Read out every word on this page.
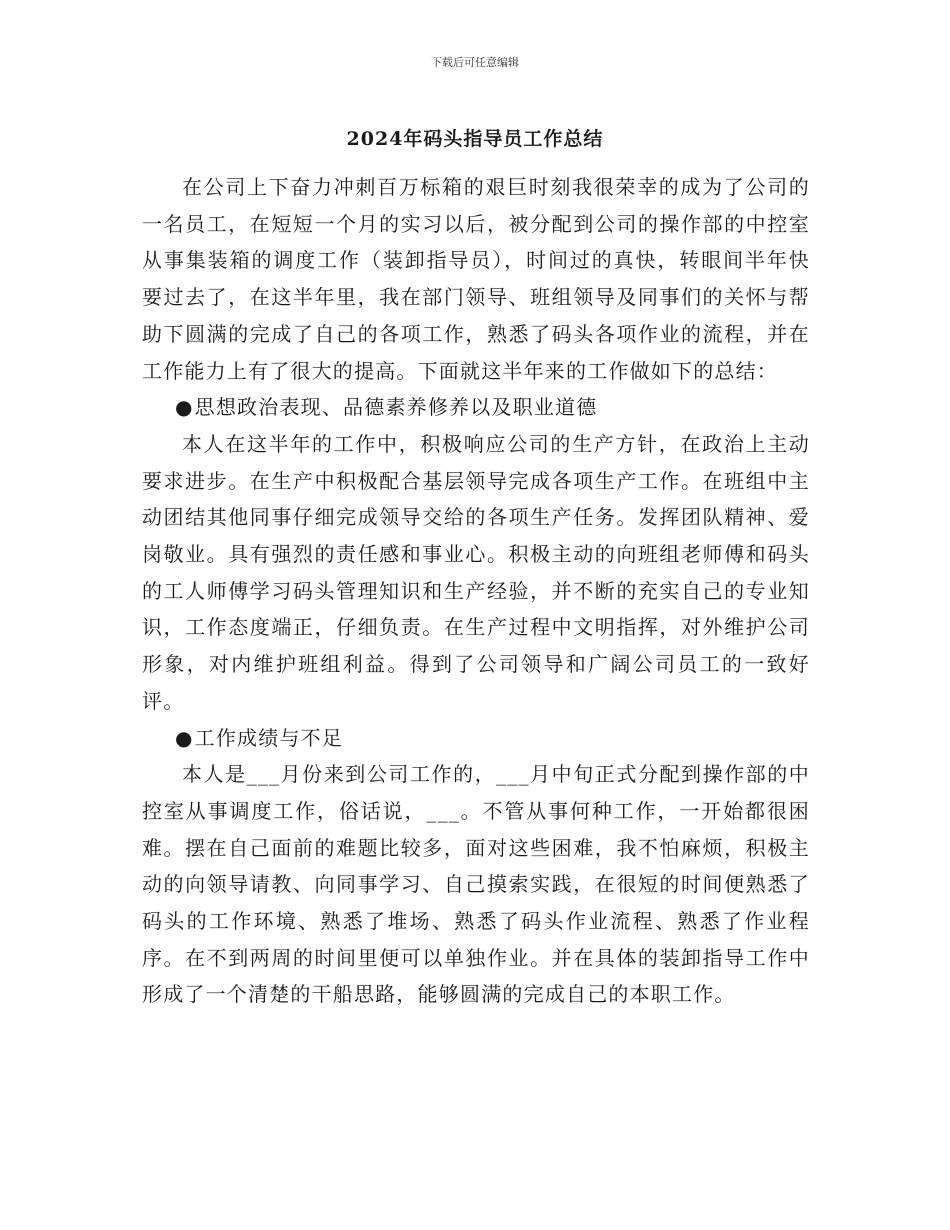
下载后可任意编辑
2024年码头指导员工作总结

在公司上下奋力冲刺百万标箱的艰巨时刻我很荣幸的成为了公司的一名员工，在短短一个月的实习以后，被分配到公司的操作部的中控室从事集装箱的调度工作（装卸指导员），时间过的真快，转眼间半年快要过去了，在这半年里，我在部门领导、班组领导及同事们的关怀与帮助下圆满的完成了自己的各项工作，熟悉了码头各项作业的流程，并在工作能力上有了很大的提高。下面就这半年来的工作做如下的总结：

●思想政治表现、品德素养修养以及职业道德

本人在这半年的工作中，积极响应公司的生产方针，在政治上主动要求进步。在生产中积极配合基层领导完成各项生产工作。在班组中主动团结其他同事仔细完成领导交给的各项生产任务。发挥团队精神、爱岗敬业。具有强烈的责任感和事业心。积极主动的向班组老师傅和码头的工人师傅学习码头管理知识和生产经验，并不断的充实自己的专业知识，工作态度端正，仔细负责。在生产过程中文明指挥，对外维护公司形象，对内维护班组利益。得到了公司领导和广阔公司员工的一致好评。

●工作成绩与不足

本人是___月份来到公司工作的，___月中旬正式分配到操作部的中控室从事调度工作，俗话说，___。不管从事何种工作，一开始都很困难。摆在自己面前的难题比较多，面对这些困难，我不怕麻烦，积极主动的向领导请教、向同事学习、自己摸索实践，在很短的时间便熟悉了码头的工作环境、熟悉了堆场、熟悉了码头作业流程、熟悉了作业程序。在不到两周的时间里便可以单独作业。并在具体的装卸指导工作中形成了一个清楚的干船思路，能够圆满的完成自己的本职工作。
